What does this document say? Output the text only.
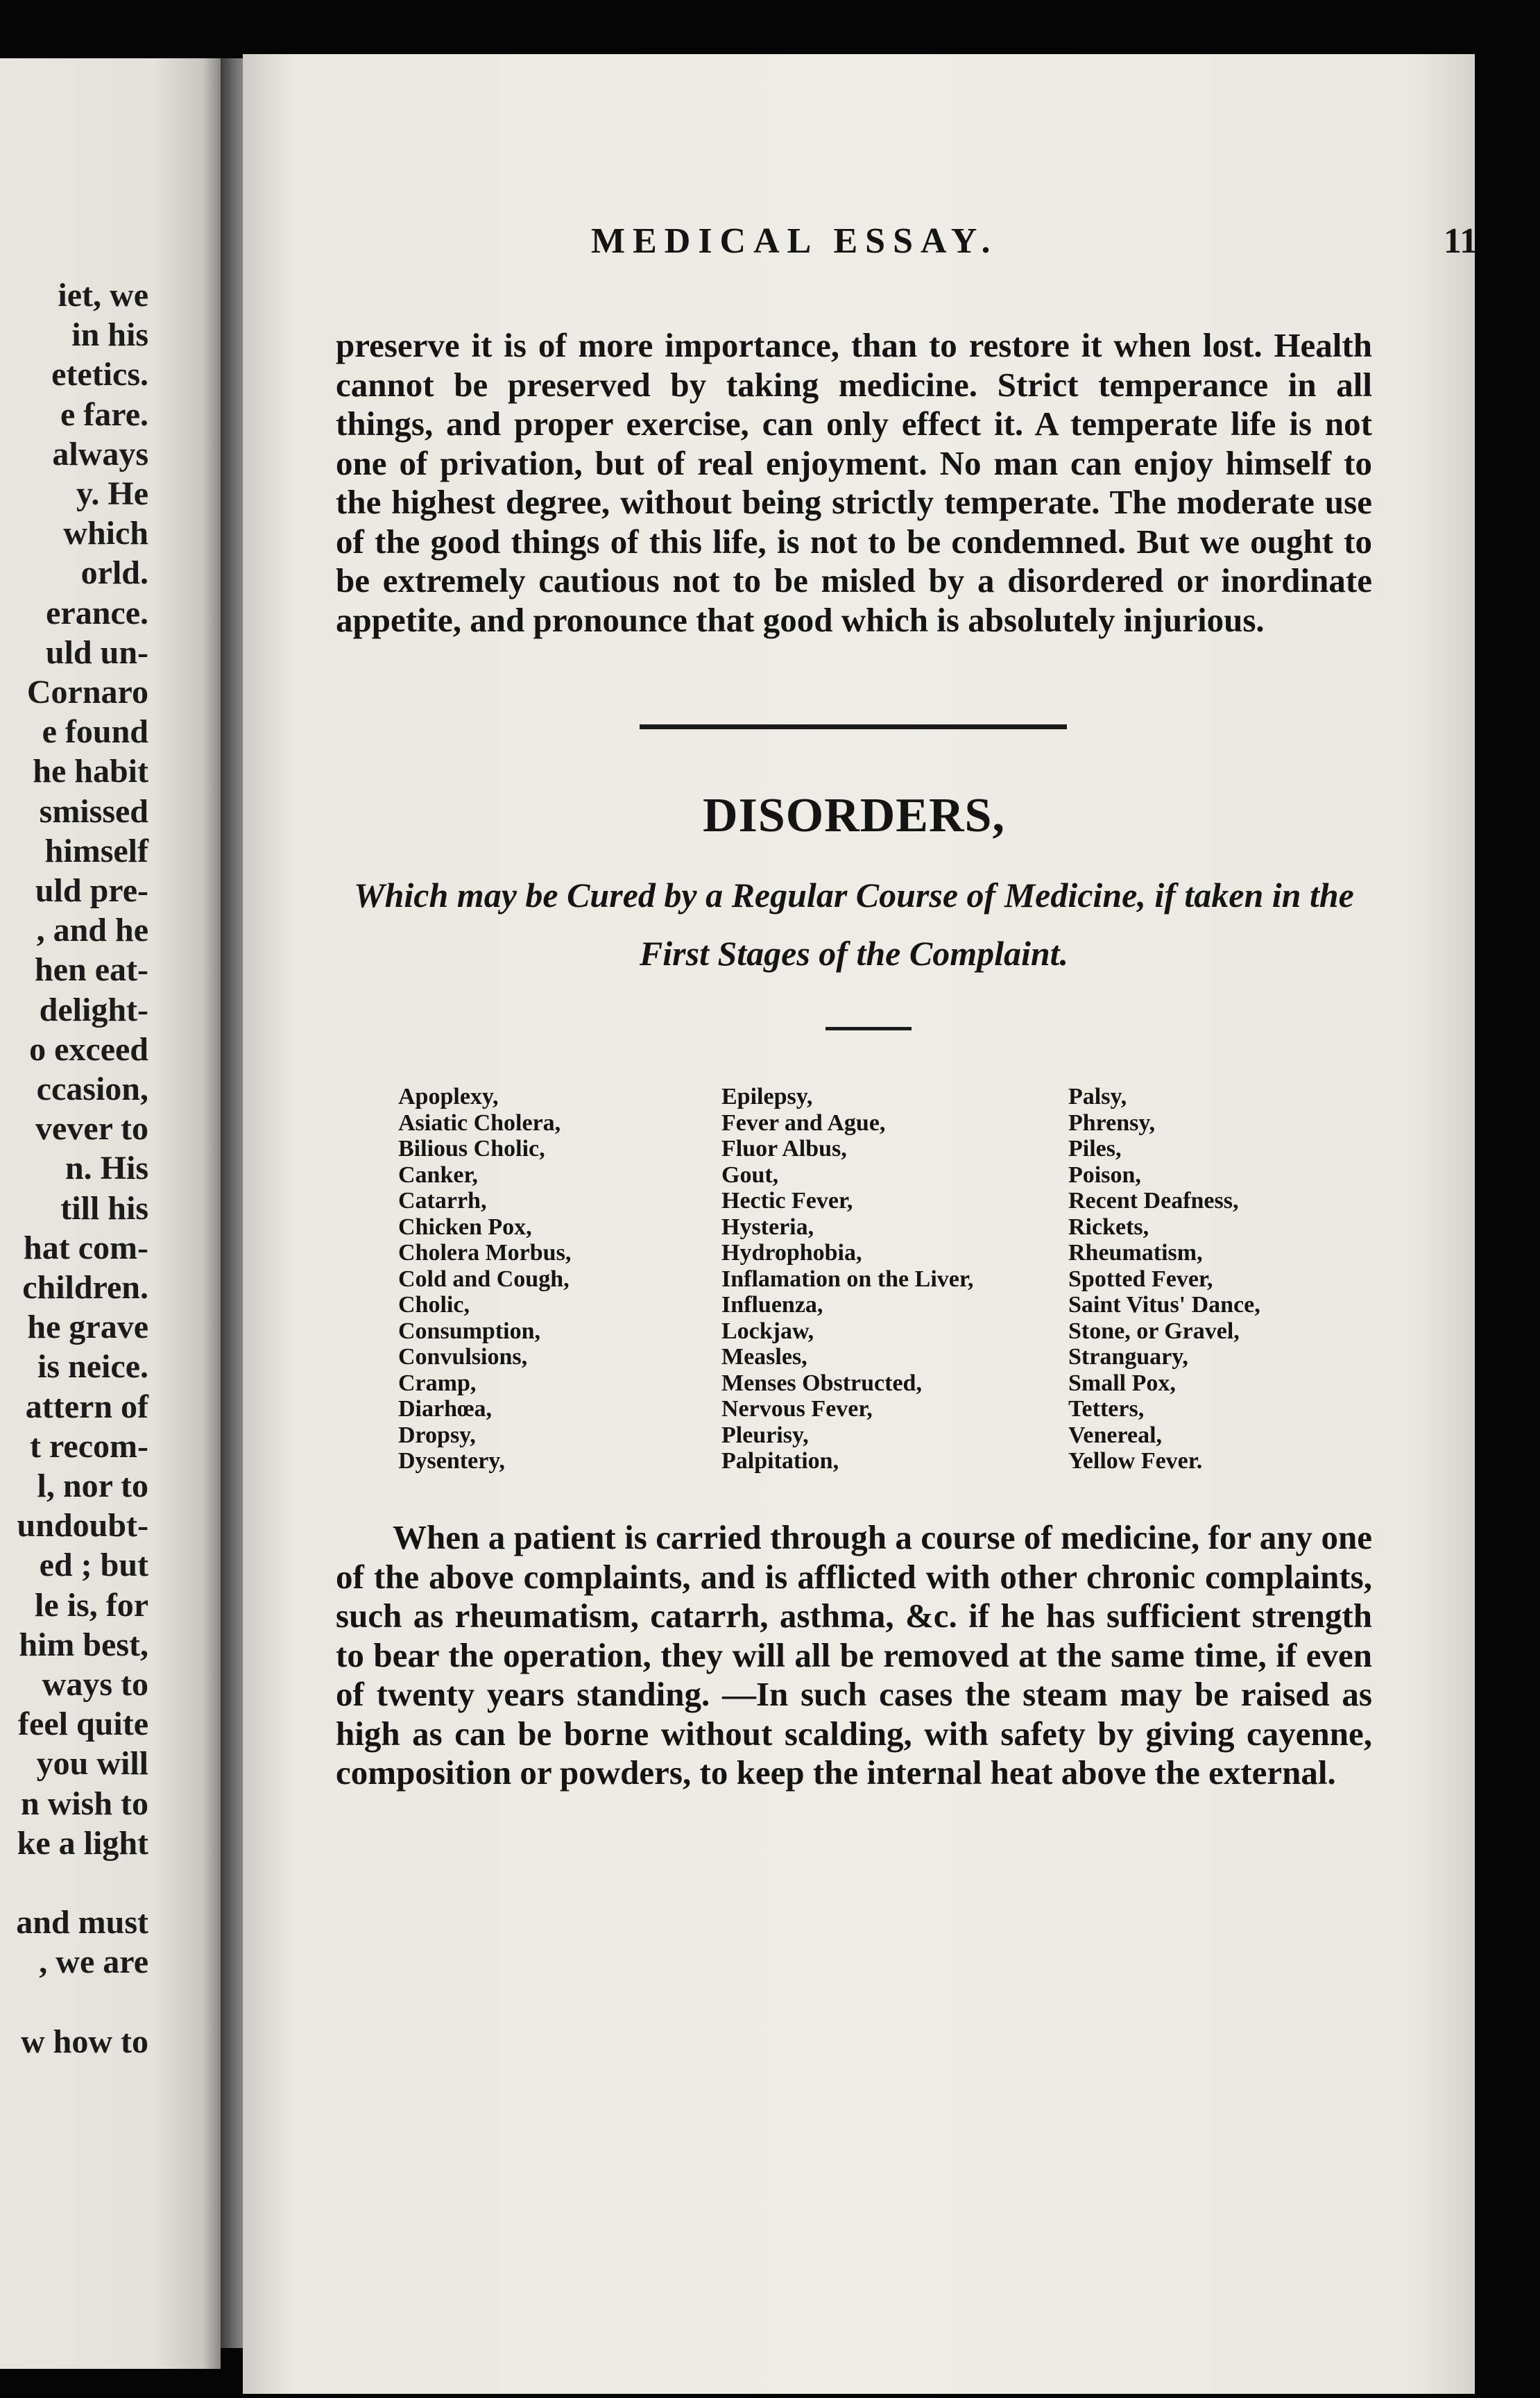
iet, we
in his
etetics.
e fare.
always
y. He
which
orld.
erance.
uld un-
Cornaro
e found
he habit
smissed
himself
uld pre-
, and he
hen eat-
delight-
o exceed
ccasion,
vever to
n. His
till his
hat com-
children.
he grave
is neice.
attern of
t recom-
l, nor to
undoubt-
ed ; but
le is, for
him best,
ways to
feel quite
you will
n wish to
ke a light
and must
, we are
w how to
MEDICAL ESSAY.	11

preserve it is of more importance, than to restore it when lost. Health cannot be preserved by taking medicine. Strict temperance in all things, and proper exercise, can only effect it. A temperate life is not one of privation, but of real enjoyment. No man can enjoy himself to the highest degree, without being strictly temperate. The moderate use of the good things of this life, is not to be condemned. But we ought to be extremely cautious not to be misled by a disordered or inordinate appetite, and pronounce that good which is absolutely injurious.

DISORDERS,

Which may be Cured by a Regular Course of Medicine, if taken in the First Stages of the Complaint.

Apoplexy,
Asiatic Cholera,
Bilious Cholic,
Canker,
Catarrh,
Chicken Pox,
Cholera Morbus,
Cold and Cough,
Cholic,
Consumption,
Convulsions,
Cramp,
Diarhœa,
Dropsy,
Dysentery,
Epilepsy,
Fever and Ague,
Fluor Albus,
Gout,
Hectic Fever,
Hysteria,
Hydrophobia,
Inflamation on the Liver,
Influenza,
Lockjaw,
Measles,
Menses Obstructed,
Nervous Fever,
Pleurisy,
Palpitation,
Palsy,
Phrensy,
Piles,
Poison,
Recent Deafness,
Rickets,
Rheumatism,
Spotted Fever,
Saint Vitus' Dance,
Stone, or Gravel,
Stranguary,
Small Pox,
Tetters,
Venereal,
Yellow Fever.

When a patient is carried through a course of medicine, for any one of the above complaints, and is afflicted with other chronic complaints, such as rheumatism, catarrh, asthma, &c. if he has sufficient strength to bear the operation, they will all be removed at the same time, if even of twenty years standing. —In such cases the steam may be raised as high as can be borne without scalding, with safety by giving cayenne, composition or powders, to keep the internal heat above the external.
